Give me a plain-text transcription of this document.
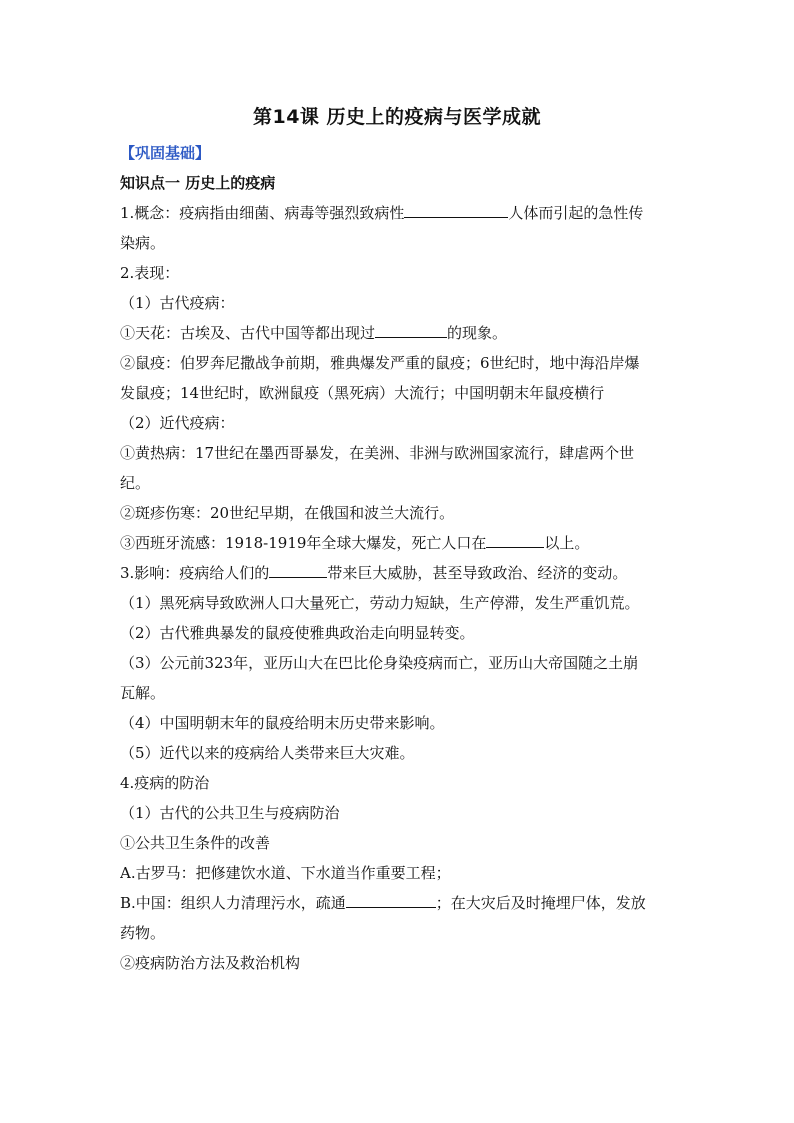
第14课 历史上的疫病与医学成就
【巩固基础】
知识点一 历史上的疫病
1.概念：疫病指由细菌、病毒等强烈致病性	人体而引起的急性传
染病。
2.表现：
（1）古代疫病：
①天花：古埃及、古代中国等都出现过	的现象。
②鼠疫：伯罗奔尼撒战争前期，雅典爆发严重的鼠疫；6世纪时，地中海沿岸爆
发鼠疫；14世纪时，欧洲鼠疫（黑死病）大流行；中国明朝末年鼠疫横行
（2）近代疫病：
①黄热病：17世纪在墨西哥暴发，在美洲、非洲与欧洲国家流行，肆虐两个世
纪。
②斑疹伤寒：20世纪早期，在俄国和波兰大流行。
③西班牙流感：1918-1919年全球大爆发，死亡人口在	以上。
3.影响：疫病给人们的	带来巨大威胁，甚至导致政治、经济的变动。
（1）黑死病导致欧洲人口大量死亡，劳动力短缺，生产停滞，发生严重饥荒。
（2）古代雅典暴发的鼠疫使雅典政治走向明显转变。
（3）公元前323年，亚历山大在巴比伦身染疫病而亡，亚历山大帝国随之土崩
瓦解。
（4）中国明朝末年的鼠疫给明末历史带来影响。
（5）近代以来的疫病给人类带来巨大灾难。
4.疫病的防治
（1）古代的公共卫生与疫病防治
①公共卫生条件的改善
A.古罗马：把修建饮水道、下水道当作重要工程；
B.中国：组织人力清理污水，疏通	；在大灾后及时掩埋尸体，发放
药物。
②疫病防治方法及救治机构
